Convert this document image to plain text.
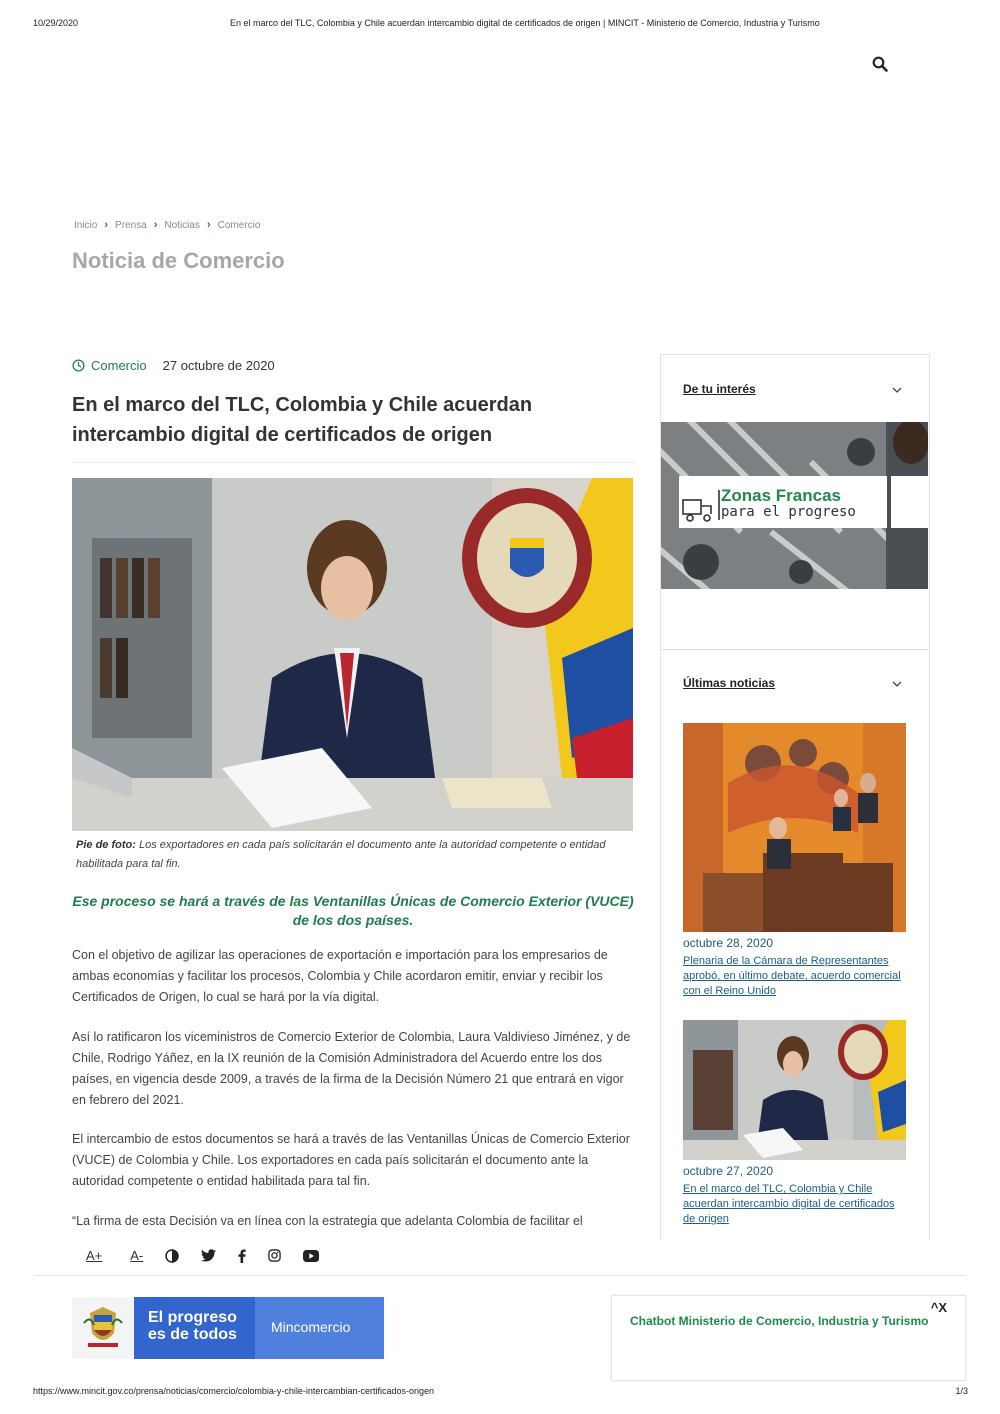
10/29/2020	En el marco del TLC, Colombia y Chile acuerdan intercambio digital de certificados de origen | MINCIT - Ministerio de Comercio, Industria y Turismo
Inicio › Prensa › Noticias › Comercio
Noticia de Comercio
Comercio 27 octubre de 2020
En el marco del TLC, Colombia y Chile acuerdan intercambio digital de certificados de origen
Pie de foto: Los exportadores en cada país solicitarán el documento ante la autoridad competente o entidad habilitada para tal fin.
Ese proceso se hará a través de las Ventanillas Únicas de Comercio Exterior (VUCE) de los dos países.

Con el objetivo de agilizar las operaciones de exportación e importación para los empresarios de ambas economías y facilitar los procesos, Colombia y Chile acordaron emitir, enviar y recibir los Certificados de Origen, lo cual se hará por la vía digital.

Así lo ratificaron los viceministros de Comercio Exterior de Colombia, Laura Valdivieso Jiménez, y de Chile, Rodrigo Yáñez, en la IX reunión de la Comisión Administradora del Acuerdo entre los dos países, en vigencia desde 2009, a través de la firma de la Decisión Número 21 que entrará en vigor en febrero del 2021.

El intercambio de estos documentos se hará a través de las Ventanillas Únicas de Comercio Exterior (VUCE) de Colombia y Chile. Los exportadores en cada país solicitarán el documento ante la autoridad competente o entidad habilitada para tal fin.

“La firma de esta Decisión va en línea con la estrategia que adelanta Colombia de facilitar el

De tu interés
Zonas Francas
para el progreso
Últimas noticias
octubre 28, 2020
Plenaria de la Cámara de Representantes aprobó, en último debate, acuerdo comercial con el Reino Unido
octubre 27, 2020
En el marco del TLC, Colombia y Chile acuerdan intercambio digital de certificados de origen
A+ A-
El progreso
es de todos Mincomercio
^X
Chatbot Ministerio de Comercio, Industria y Turismo
https://www.mincit.gov.co/prensa/noticias/comercio/colombia-y-chile-intercambian-certificados-origen	1/3
